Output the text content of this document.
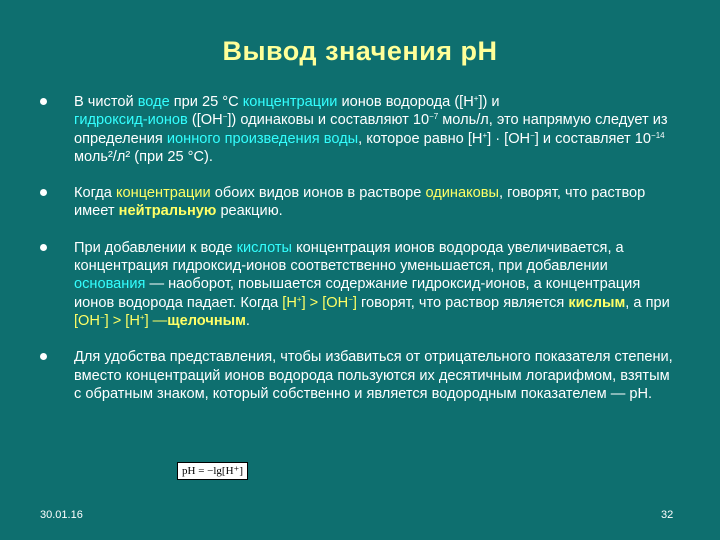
Вывод значения рН
В чистой воде при 25 °C концентрации ионов водорода ([H+]) и
гидроксид-ионов ([OH−]) одинаковы и составляют $10^{-7}$ моль/л, это напрямую следует из определения ионного произведения воды, которое равно [H+] · [OH−] и составляет $10^{-14}$ моль²/л² (при 25 °C).
Когда концентрации обоих видов ионов в растворе одинаковы, говорят, что раствор имеет нейтральную реакцию.
При добавлении к воде кислоты концентрация ионов водорода увеличивается, а концентрация гидроксид-ионов соответственно уменьшается, при добавлении основания — наоборот, повышается содержание гидроксид-ионов, а концентрация ионов водорода падает. Когда [H+] > [OH−] говорят, что раствор является кислым, а при
[OH−] > [H+] —щелочным.
Для удобства представления, чтобы избавиться от отрицательного показателя степени, вместо концентраций ионов водорода пользуются их десятичным логарифмом, взятым с обратным знаком, который собственно и является водородным показателем — рН.
pH = −lg[H⁺]
30.01.16	32
